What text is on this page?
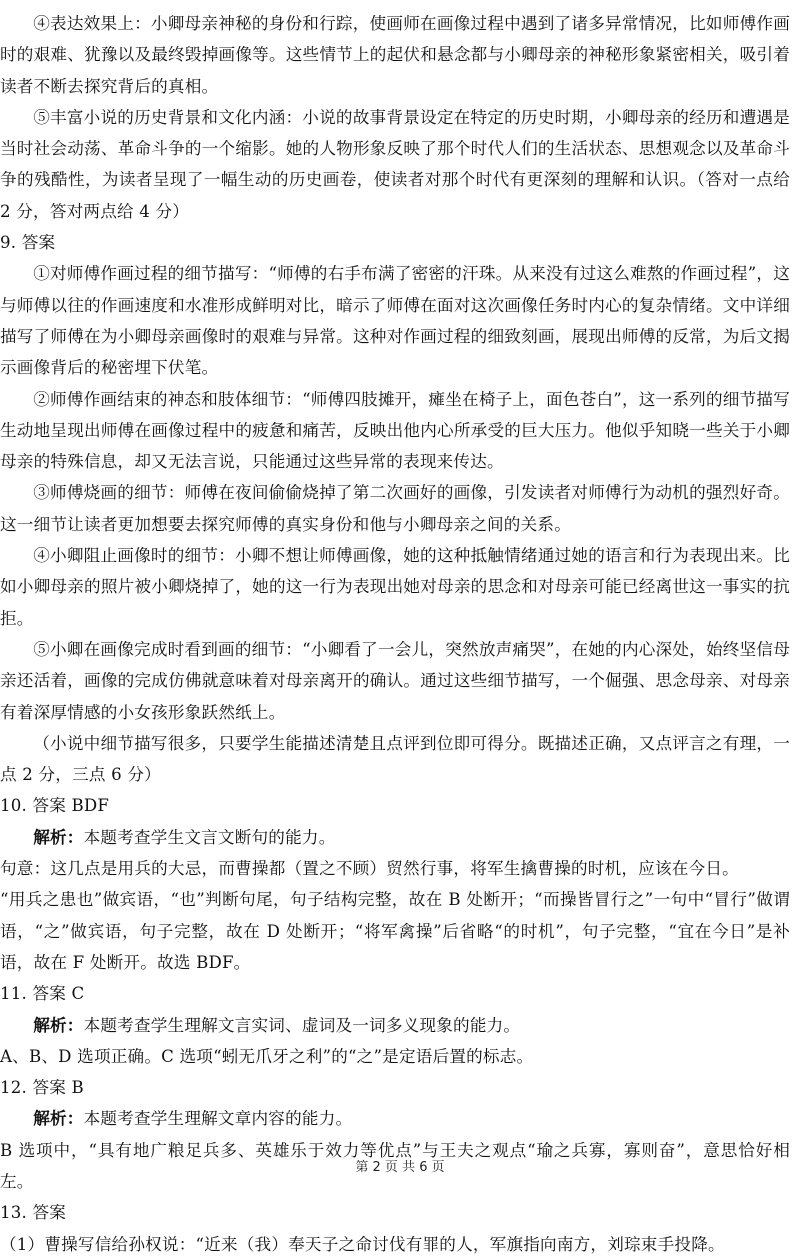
④表达效果上：小卿母亲神秘的身份和行踪，使画师在画像过程中遇到了诸多异常情况，比如师傅作画时的艰难、犹豫以及最终毁掉画像等。这些情节上的起伏和悬念都与小卿母亲的神秘形象紧密相关，吸引着读者不断去探究背后的真相。

⑤丰富小说的历史背景和文化内涵：小说的故事背景设定在特定的历史时期，小卿母亲的经历和遭遇是当时社会动荡、革命斗争的一个缩影。她的人物形象反映了那个时代人们的生活状态、思想观念以及革命斗争的残酷性，为读者呈现了一幅生动的历史画卷，使读者对那个时代有更深刻的理解和认识。（答对一点给 2 分，答对两点给 4 分）

9. 答案

①对师傅作画过程的细节描写：“师傅的右手布满了密密的汗珠。从来没有过这么难熬的作画过程”，这与师傅以往的作画速度和水准形成鲜明对比，暗示了师傅在面对这次画像任务时内心的复杂情绪。文中详细描写了师傅在为小卿母亲画像时的艰难与异常。这种对作画过程的细致刻画，展现出师傅的反常，为后文揭示画像背后的秘密埋下伏笔。

②师傅作画结束的神态和肢体细节：“师傅四肢摊开，瘫坐在椅子上，面色苍白”，这一系列的细节描写生动地呈现出师傅在画像过程中的疲惫和痛苦，反映出他内心所承受的巨大压力。他似乎知晓一些关于小卿母亲的特殊信息，却又无法言说，只能通过这些异常的表现来传达。

③师傅烧画的细节：师傅在夜间偷偷烧掉了第二次画好的画像，引发读者对师傅行为动机的强烈好奇。这一细节让读者更加想要去探究师傅的真实身份和他与小卿母亲之间的关系。

④小卿阻止画像时的细节：小卿不想让师傅画像，她的这种抵触情绪通过她的语言和行为表现出来。比如小卿母亲的照片被小卿烧掉了，她的这一行为表现出她对母亲的思念和对母亲可能已经离世这一事实的抗拒。

⑤小卿在画像完成时看到画的细节：“小卿看了一会儿，突然放声痛哭”，在她的内心深处，始终坚信母亲还活着，画像的完成仿佛就意味着对母亲离开的确认。通过这些细节描写，一个倔强、思念母亲、对母亲有着深厚情感的小女孩形象跃然纸上。

（小说中细节描写很多，只要学生能描述清楚且点评到位即可得分。既描述正确，又点评言之有理，一点 2 分，三点 6 分）

10. 答案 BDF

解析：本题考查学生文言文断句的能力。

句意：这几点是用兵的大忌，而曹操都（置之不顾）贸然行事，将军生擒曹操的时机，应该在今日。

“用兵之患也”做宾语，“也”判断句尾，句子结构完整，故在 B 处断开；“而操皆冒行之”一句中“冒行”做谓语，“之”做宾语，句子完整，故在 D 处断开；“将军禽操”后省略“的时机”，句子完整，“宜在今日”是补语，故在 F 处断开。故选 BDF。

11. 答案 C

解析：本题考查学生理解文言实词、虚词及一词多义现象的能力。

A、B、D 选项正确。C 选项“蚓无爪牙之利”的“之”是定语后置的标志。

12. 答案 B

解析：本题考查学生理解文章内容的能力。

B 选项中，“具有地广粮足兵多、英雄乐于效力等优点”与王夫之观点“瑜之兵寡，寡则奋”，意思恰好相左。

13. 答案

（1）曹操写信给孙权说：“近来（我）奉天子之命讨伐有罪的人，军旗指向南方，刘琮束手投降。

第 2 页 共 6 页
